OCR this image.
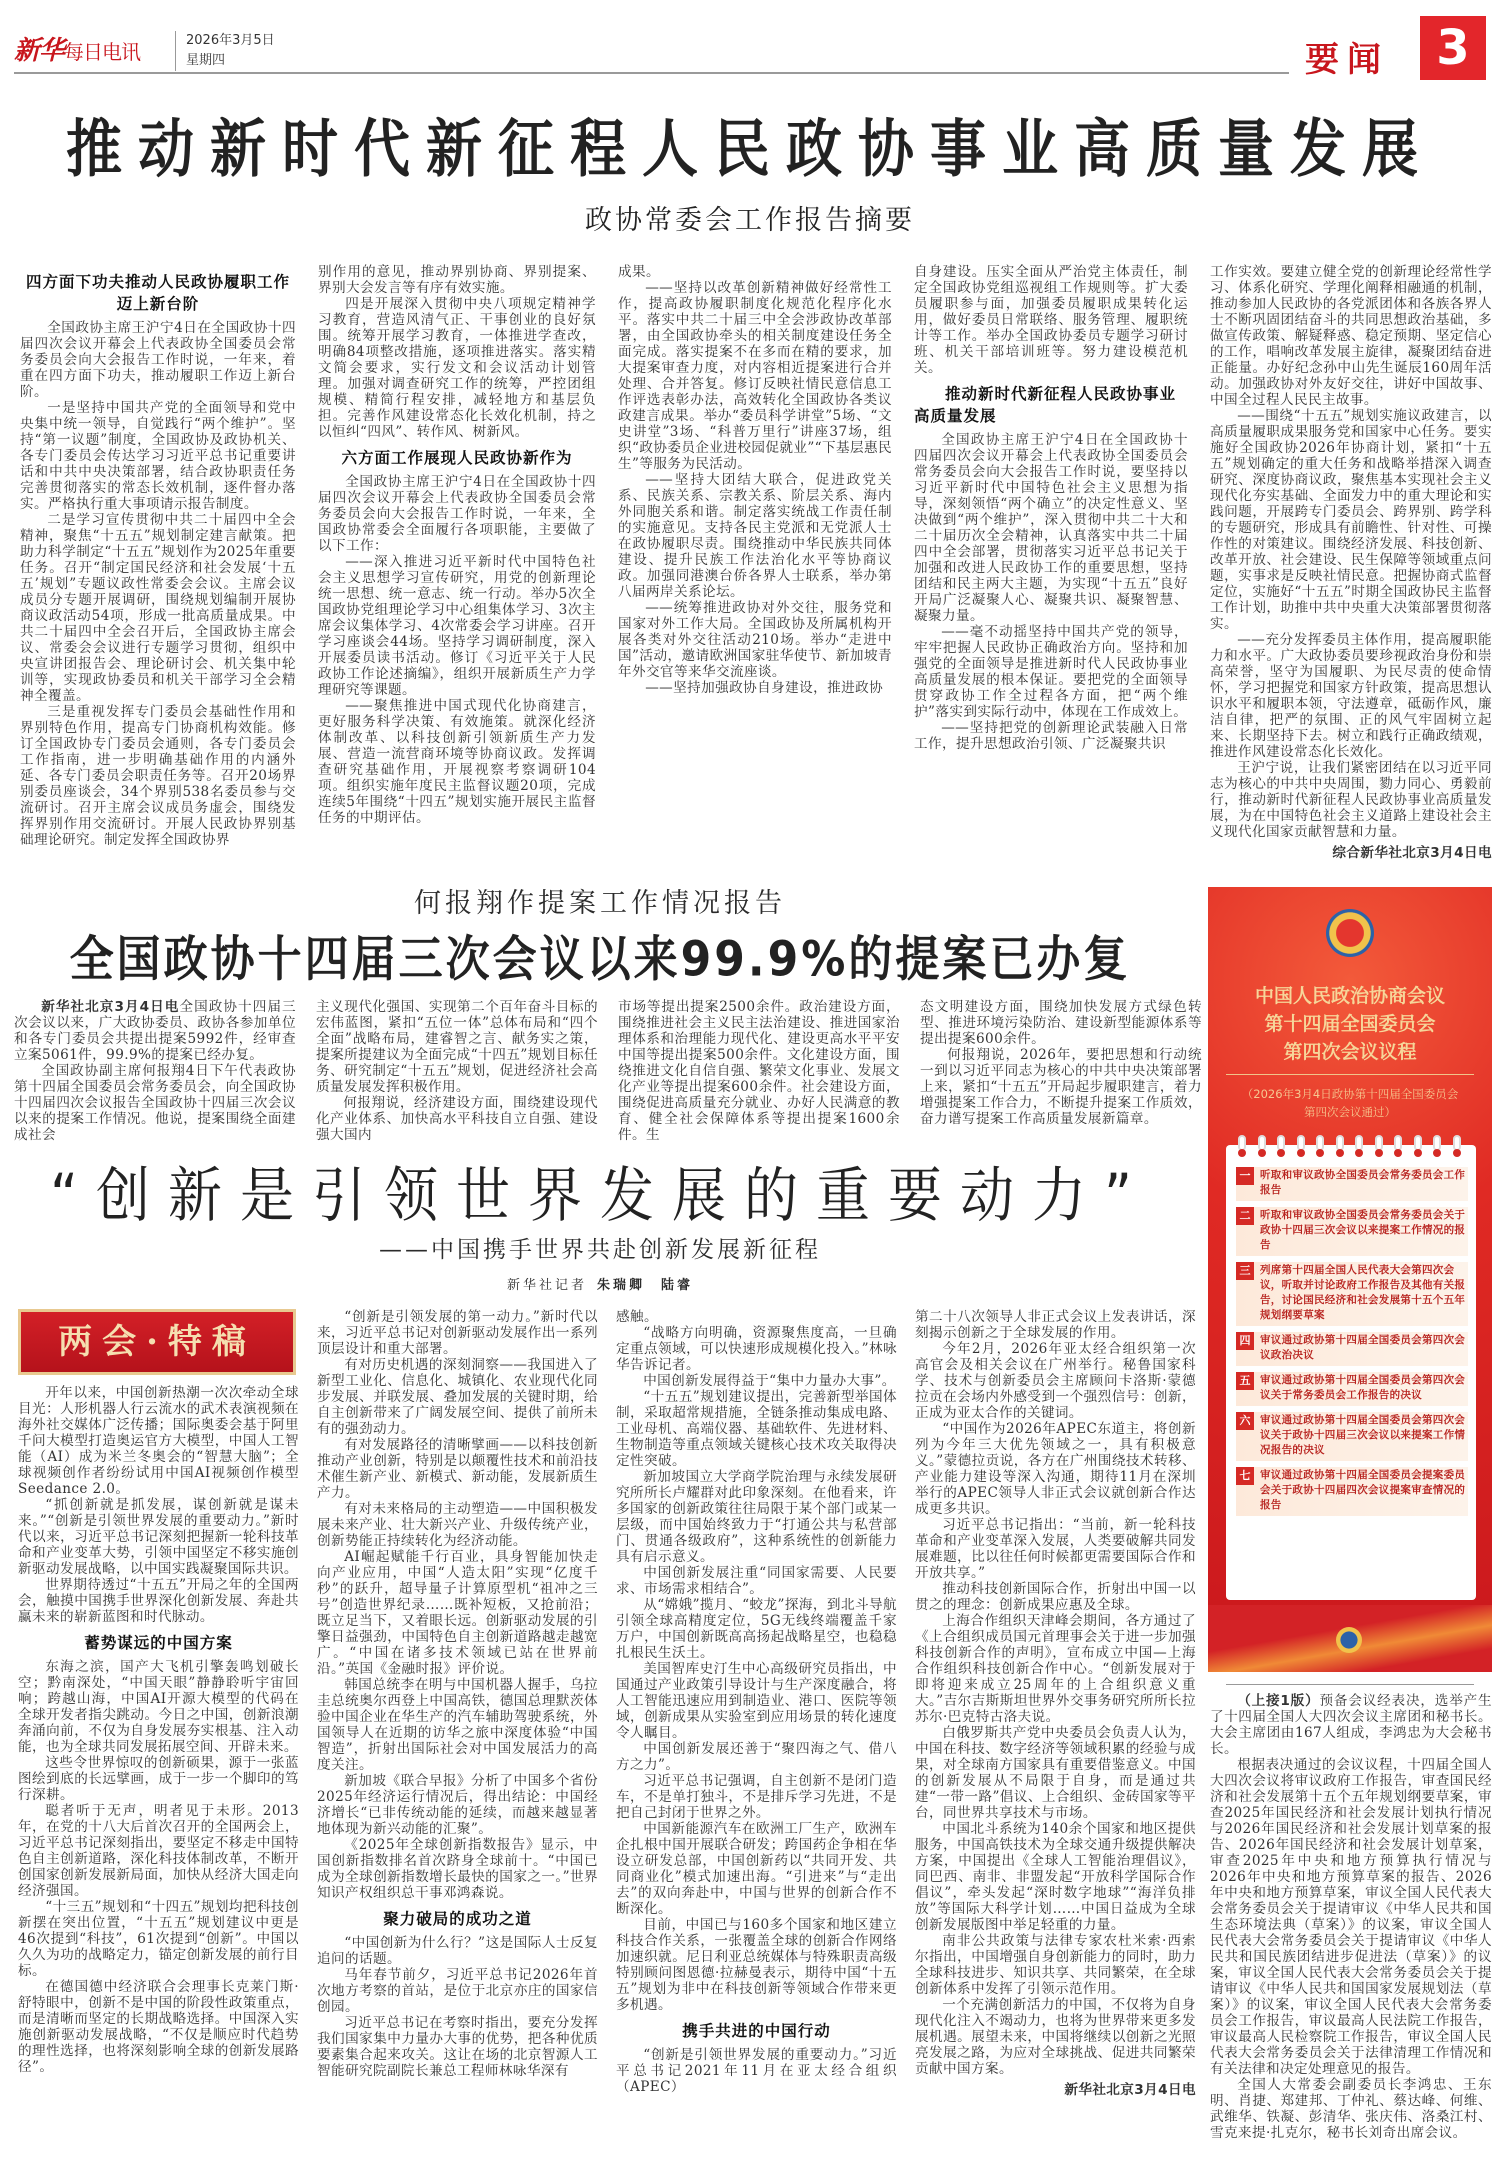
新华每日电讯	2026年3月5日
星期四	要闻 3
推动新时代新征程人民政协事业高质量发展
政协常委会工作报告摘要
四方面下功夫推动人民政协履职工作迈上新台阶

全国政协主席王沪宁4日在全国政协十四届四次会议开幕会上代表政协全国委员会常务委员会向大会报告工作时说，一年来，着重在四方面下功夫，推动履职工作迈上新台阶。

一是坚持中国共产党的全面领导和党中央集中统一领导，自觉践行“两个维护”。坚持“第一议题”制度，全国政协及政协机关、各专门委员会传达学习习近平总书记重要讲话和中共中央决策部署，结合政协职责任务完善贯彻落实的常态长效机制，逐件督办落实。严格执行重大事项请示报告制度。

二是学习宣传贯彻中共二十届四中全会精神，聚焦“十五五”规划制定建言献策。把助力科学制定“十五五”规划作为2025年重要任务。召开“制定国民经济和社会发展‘十五五’规划”专题议政性常委会会议。主席会议成员分专题开展调研，围绕规划编制开展协商议政活动54项，形成一批高质量成果。中共二十届四中全会召开后，全国政协主席会议、常委会会议进行专题学习贯彻，组织中央宣讲团报告会、理论研讨会、机关集中轮训等，实现政协委员和机关干部学习全会精神全覆盖。

三是重视发挥专门委员会基础性作用和界别特色作用，提高专门协商机构效能。修订全国政协专门委员会通则，各专门委员会工作指南，进一步明确基础作用的内涵外延、各专门委员会职责任务等。召开20场界别委员座谈会，34个界别538名委员参与交流研讨。召开主席会议成员务虚会，围绕发挥界别作用交流研讨。开展人民政协界别基础理论研究。制定发挥全国政协界

别作用的意见，推动界别协商、界别提案、界别大会发言等有序有效实施。

四是开展深入贯彻中央八项规定精神学习教育，营造风清气正、干事创业的良好氛围。统筹开展学习教育，一体推进学查改，明确84项整改措施，逐项推进落实。落实精文简会要求，实行发文和会议活动计划管理。加强对调查研究工作的统筹，严控团组规模、精简行程安排，减轻地方和基层负担。完善作风建设常态化长效化机制，持之以恒纠“四风”、转作风、树新风。

六方面工作展现人民政协新作为

全国政协主席王沪宁4日在全国政协十四届四次会议开幕会上代表政协全国委员会常务委员会向大会报告工作时说，一年来，全国政协常委会全面履行各项职能，主要做了以下工作：

——深入推进习近平新时代中国特色社会主义思想学习宣传研究，用党的创新理论统一思想、统一意志、统一行动。举办5次全国政协党组理论学习中心组集体学习、3次主席会议集体学习、4次常委会学习讲座。召开学习座谈会44场。坚持学习调研制度，深入开展委员读书活动。修订《习近平关于人民政协工作论述摘编》，组织开展新质生产力学理研究等课题。

——聚焦推进中国式现代化协商建言，更好服务科学决策、有效施策。就深化经济体制改革、以科技创新引领新质生产力发展、营造一流营商环境等协商议政。发挥调查研究基础作用，开展视察考察调研104项。组织实施年度民主监督议题20项，完成连续5年围绕“十四五”规划实施开展民主监督任务的中期评估。

成果。

——坚持以改革创新精神做好经常性工作，提高政协履职制度化规范化程序化水平。落实中共二十届三中全会涉政协改革部署，由全国政协牵头的相关制度建设任务全面完成。落实提案不在多而在精的要求，加大提案审查力度，对内容相近提案进行合并处理、合并答复。修订反映社情民意信息工作评选表彰办法，高效转化全国政协各类议政建言成果。举办“委员科学讲堂”5场、“文史讲堂”3场、“科普万里行”讲座37场，组织“政协委员企业进校园促就业”“下基层惠民生”等服务为民活动。

——坚持大团结大联合，促进政党关系、民族关系、宗教关系、阶层关系、海内外同胞关系和谐。制定落实统战工作责任制的实施意见。支持各民主党派和无党派人士在政协履职尽责。围绕推动中华民族共同体建设、提升民族工作法治化水平等协商议政。加强同港澳台侨各界人士联系，举办第八届两岸关系论坛。

——统筹推进政协对外交往，服务党和国家对外工作大局。全国政协及所属机构开展各类对外交往活动210场。举办“走进中国”活动，邀请欧洲国家驻华使节、新加坡青年外交官等来华交流座谈。

——坚持加强政协自身建设，推进政协

自身建设。压实全面从严治党主体责任，制定全国政协党组巡视组工作规则等。扩大委员履职参与面，加强委员履职成果转化运用，做好委员日常联络、服务管理、履职统计等工作。举办全国政协委员专题学习研讨班、机关干部培训班等。努力建设模范机关。

推动新时代新征程人民政协事业高质量发展

全国政协主席王沪宁4日在全国政协十四届四次会议开幕会上代表政协全国委员会常务委员会向大会报告工作时说，要坚持以习近平新时代中国特色社会主义思想为指导，深刻领悟“两个确立”的决定性意义、坚决做到“两个维护”，深入贯彻中共二十大和二十届历次全会精神，认真落实中共二十届四中全会部署，贯彻落实习近平总书记关于加强和改进人民政协工作的重要思想，坚持团结和民主两大主题，为实现“十五五”良好开局广泛凝聚人心、凝聚共识、凝聚智慧、凝聚力量。

——毫不动摇坚持中国共产党的领导，牢牢把握人民政协正确政治方向。坚持和加强党的全面领导是推进新时代人民政协事业高质量发展的根本保证。要把党的全面领导贯穿政协工作全过程各方面，把“两个维护”落实到实际行动中，体现在工作成效上。

——坚持把党的创新理论武装融入日常工作，提升思想政治引领、广泛凝聚共识

工作实效。要建立健全党的创新理论经常性学习、体系化研究、学理化阐释相融通的机制，推动参加人民政协的各党派团体和各族各界人士不断巩固团结奋斗的共同思想政治基础，多做宣传政策、解疑释惑、稳定预期、坚定信心的工作，唱响改革发展主旋律，凝聚团结奋进正能量。办好纪念孙中山先生诞辰160周年活动。加强政协对外友好交往，讲好中国故事、中国全过程人民民主故事。

——围绕“十五五”规划实施议政建言，以高质量履职成果服务党和国家中心任务。要实施好全国政协2026年协商计划，紧扣“十五五”规划确定的重大任务和战略举措深入调查研究、深度协商议政，聚焦基本实现社会主义现代化夯实基础、全面发力中的重大理论和实践问题，开展跨专门委员会、跨界别、跨学科的专题研究，形成具有前瞻性、针对性、可操作性的对策建议。围绕经济发展、科技创新、改革开放、社会建设、民生保障等领域重点问题，实事求是反映社情民意。把握协商式监督定位，实施好“十五五”时期全国政协民主监督工作计划，助推中共中央重大决策部署贯彻落实。

——充分发挥委员主体作用，提高履职能力和水平。广大政协委员要珍视政治身份和崇高荣誉，坚守为国履职、为民尽责的使命情怀，学习把握党和国家方针政策，提高思想认识水平和履职本领，守法遵章，砥砺作风，廉洁自律，把严的氛围、正的风气牢固树立起来、长期坚持下去。树立和践行正确政绩观，推进作风建设常态化长效化。

王沪宁说，让我们紧密团结在以习近平同志为核心的中共中央周围，勠力同心、勇毅前行，推动新时代新征程人民政协事业高质量发展，为在中国特色社会主义道路上建设社会主义现代化国家贡献智慧和力量。

综合新华社北京3月4日电

何报翔作提案工作情况报告
全国政协十四届三次会议以来99.9%的提案已办复

新华社北京3月4日电全国政协十四届三次会议以来，广大政协委员、政协各参加单位和各专门委员会共提出提案5992件，经审查立案5061件，99.9%的提案已经办复。

全国政协副主席何报翔4日下午代表政协第十四届全国委员会常务委员会，向全国政协十四届四次会议报告全国政协十四届三次会议以来的提案工作情况。他说，提案围绕全面建成社会

主义现代化强国、实现第二个百年奋斗目标的宏伟蓝图，紧扣“五位一体”总体布局和“四个全面”战略布局，建睿智之言、献务实之策，提案所提建议为全面完成“十四五”规划目标任务、研究制定“十五五”规划，促进经济社会高质量发展发挥积极作用。

何报翔说，经济建设方面，围绕建设现代化产业体系、加快高水平科技自立自强、建设强大国内

市场等提出提案2500余件。政治建设方面，围绕推进社会主义民主法治建设、推进国家治理体系和治理能力现代化、建设更高水平平安中国等提出提案500余件。文化建设方面，围绕推进文化自信自强、繁荣文化事业、发展文化产业等提出提案600余件。社会建设方面，围绕促进高质量充分就业、办好人民满意的教育、健全社会保障体系等提出提案1600余件。生

态文明建设方面，围绕加快发展方式绿色转型、推进环境污染防治、建设新型能源体系等提出提案600余件。

何报翔说，2026年，要把思想和行动统一到以习近平同志为核心的中共中央决策部署上来，紧扣“十五五”开局起步履职建言，着力增强提案工作合力，不断提升提案工作质效，奋力谱写提案工作高质量发展新篇章。

“创新是引领世界发展的重要动力”
——中国携手世界共赴创新发展新征程
新华社记者 朱瑞卿　陆睿
两会·特稿

开年以来，中国创新热潮一次次牵动全球目光：人形机器人行云流水的武术表演视频在海外社交媒体广泛传播；国际奥委会基于阿里千问大模型打造奥运官方大模型，中国人工智能（AI）成为米兰冬奥会的“智慧大脑”；全球视频创作者纷纷试用中国AI视频创作模型Seedance 2.0。

“抓创新就是抓发展，谋创新就是谋未来。”“创新是引领世界发展的重要动力。”新时代以来，习近平总书记深刻把握新一轮科技革命和产业变革大势，引领中国坚定不移实施创新驱动发展战略，以中国实践凝聚国际共识。

世界期待透过“十五五”开局之年的全国两会，触摸中国携手世界深化创新发展、奔赴共赢未来的崭新蓝图和时代脉动。

蓄势谋远的中国方案

东海之滨，国产大飞机引擎轰鸣划破长空；黔南深处，“中国天眼”静静聆听宇宙回响；跨越山海，中国AI开源大模型的代码在全球开发者指尖跳动。今日之中国，创新浪潮奔涌向前，不仅为自身发展夯实根基、注入动能，也为全球共同发展拓展空间、开辟未来。

这些令世界惊叹的创新硕果，源于一张蓝图绘到底的长远擘画，成于一步一个脚印的笃行深耕。

聪者听于无声，明者见于未形。2013年，在党的十八大后首次召开的全国两会上，习近平总书记深刻指出，要坚定不移走中国特色自主创新道路，深化科技体制改革，不断开创国家创新发展新局面，加快从经济大国走向经济强国。

“十三五”规划和“十四五”规划均把科技创新摆在突出位置，“十五五”规划建议中更是46次提到“科技”，61次提到“创新”。中国以久久为功的战略定力，锚定创新发展的前行目标。

在德国德中经济联合会理事长克莱门斯·舒特眼中，创新不是中国的阶段性政策重点，而是清晰而坚定的长期战略选择。中国深入实施创新驱动发展战略，“不仅是顺应时代趋势的理性选择，也将深刻影响全球的创新发展路径”。

“创新是引领发展的第一动力。”新时代以来，习近平总书记对创新驱动发展作出一系列顶层设计和重大部署。

有对历史机遇的深刻洞察——我国进入了新型工业化、信息化、城镇化、农业现代化同步发展、并联发展、叠加发展的关键时期，给自主创新带来了广阔发展空间、提供了前所未有的强劲动力。

有对发展路径的清晰擘画——以科技创新推动产业创新，特别是以颠覆性技术和前沿技术催生新产业、新模式、新动能，发展新质生产力。

有对未来格局的主动塑造——中国积极发展未来产业、壮大新兴产业、升级传统产业，创新势能正持续转化为经济动能。

AI崛起赋能千行百业，具身智能加快走向产业应用，中国“人造太阳”实现“亿度千秒”的跃升，超导量子计算原型机“祖冲之三号”创造世界纪录……既补短板，又抢前沿；既立足当下，又着眼长远。创新驱动发展的引擎日益强劲，中国特色自主创新道路越走越宽广。“中国在诸多技术领域已站在世界前沿。”英国《金融时报》评价说。

韩国总统李在明与中国机器人握手，乌拉圭总统奥尔西登上中国高铁，德国总理默茨体验中国企业在华生产的汽车辅助驾驶系统，外国领导人在近期的访华之旅中深度体验“中国智造”，折射出国际社会对中国发展活力的高度关注。

新加坡《联合早报》分析了中国多个省份2025年经济运行情况后，得出结论：中国经济增长“已非传统动能的延续，而越来越显著地体现为新兴动能的汇聚”。

《2025年全球创新指数报告》显示，中国创新指数排名首次跻身全球前十。“中国已成为全球创新指数增长最快的国家之一。”世界知识产权组织总干事邓鸿森说。

聚力破局的成功之道

“中国创新为什么行？”这是国际人士反复追问的话题。

马年春节前夕，习近平总书记2026年首次地方考察的首站，是位于北京亦庄的国家信创园。

习近平总书记在考察时指出，要充分发挥我们国家集中力量办大事的优势，把各种优质要素集合起来攻关。这让在场的北京智源人工智能研究院副院长兼总工程师林咏华深有

感触。

“战略方向明确，资源聚焦度高，一旦确定重点领域，可以快速形成规模化投入。”林咏华告诉记者。

中国创新发展得益于“集中力量办大事”。

“十五五”规划建议提出，完善新型举国体制，采取超常规措施，全链条推动集成电路、工业母机、高端仪器、基础软件、先进材料、生物制造等重点领域关键核心技术攻关取得决定性突破。

新加坡国立大学商学院治理与永续发展研究所所长卢耀群对此印象深刻。在他看来，许多国家的创新政策往往局限于某个部门或某一层级，而中国始终致力于“打通公共与私营部门、贯通各级政府”，这种系统性的创新能力具有启示意义。

中国创新发展注重“同国家需要、人民要求、市场需求相结合”。

从“嫦娥”揽月、“蛟龙”探海，到北斗导航引领全球高精度定位，5G无线终端覆盖千家万户，中国创新既高高扬起战略星空，也稳稳扎根民生沃土。

美国智库史汀生中心高级研究员指出，中国通过产业政策引导设计与生产深度融合，将人工智能迅速应用到制造业、港口、医院等领域，创新成果从实验室到应用场景的转化速度令人瞩目。

中国创新发展还善于“聚四海之气、借八方之力”。

习近平总书记强调，自主创新不是闭门造车，不是单打独斗，不是排斥学习先进，不是把自己封闭于世界之外。

中国新能源汽车在欧洲工厂生产，欧洲车企扎根中国开展联合研发；跨国药企争相在华设立研发总部，中国创新药以“共同开发、共同商业化”模式加速出海。“引进来”与“走出去”的双向奔赴中，中国与世界的创新合作不断深化。

目前，中国已与160多个国家和地区建立科技合作关系，一张覆盖全球的创新合作网络加速织就。尼日利亚总统媒体与特殊职责高级特别顾问图恩德·拉赫曼表示，期待中国“十五五”规划为非中在科技创新等领域合作带来更多机遇。

携手共进的中国行动

“创新是引领世界发展的重要动力。”习近平总书记2021年11月在亚太经合组织（APEC）

第二十八次领导人非正式会议上发表讲话，深刻揭示创新之于全球发展的作用。

今年2月，2026年亚太经合组织第一次高官会及相关会议在广州举行。秘鲁国家科学、技术与创新委员会主席顾问卡洛斯·蒙德拉贡在会场内外感受到一个强烈信号：创新，正成为亚太合作的关键词。

“中国作为2026年APEC东道主，将创新列为今年三大优先领域之一，具有积极意义。”蒙德拉贡说，各方在广州围绕技术转移、产业能力建设等深入沟通，期待11月在深圳举行的APEC领导人非正式会议就创新合作达成更多共识。

习近平总书记指出：“当前，新一轮科技革命和产业变革深入发展，人类要破解共同发展难题，比以往任何时候都更需要国际合作和开放共享。”

推动科技创新国际合作，折射出中国一以贯之的理念：创新成果应惠及全球。

上海合作组织天津峰会期间，各方通过了《上合组织成员国元首理事会关于进一步加强科技创新合作的声明》，宣布成立中国—上海合作组织科技创新合作中心。“创新发展对于即将迎来成立25周年的上合组织意义重大。”吉尔吉斯斯坦世界外交事务研究所所长拉苏尔·巴克特古洛夫说。

白俄罗斯共产党中央委员会负责人认为，中国在科技、数字经济等领域积累的经验与成果，对全球南方国家具有重要借鉴意义。中国的创新发展从不局限于自身，而是通过共建“一带一路”倡议、上合组织、金砖国家等平台，同世界共享技术与市场。

中国北斗系统为140余个国家和地区提供服务，中国高铁技术为全球交通升级提供解决方案，中国提出《全球人工智能治理倡议》，同巴西、南非、非盟发起“开放科学国际合作倡议”，牵头发起“深时数字地球”“海洋负排放”等国际大科学计划……中国日益成为全球创新发展版图中举足轻重的力量。

南非公共政策与法律专家农杜米索·西索尔指出，中国增强自身创新能力的同时，助力全球科技进步、知识共享、共同繁荣，在全球创新体系中发挥了引领示范作用。

一个充满创新活力的中国，不仅将为自身现代化注入不竭动力，也将为世界带来更多发展机遇。展望未来，中国将继续以创新之光照亮发展之路，为应对全球挑战、促进共同繁荣贡献中国方案。

新华社北京3月4日电

中国人民政治协商会议
第十四届全国委员会
第四次会议议程
（2026年3月4日政协第十四届全国委员会
第四次会议通过）
一 听取和审议政协全国委员会常务委员会工作报告
二 听取和审议政协全国委员会常务委员会关于政协十四届三次会议以来提案工作情况的报告
三 列席第十四届全国人民代表大会第四次会议，听取并讨论政府工作报告及其他有关报告，讨论国民经济和社会发展第十五个五年规划纲要草案
四 审议通过政协第十四届全国委员会第四次会议政治决议
五 审议通过政协第十四届全国委员会第四次会议关于常务委员会工作报告的决议
六 审议通过政协第十四届全国委员会第四次会议关于政协十四届三次会议以来提案工作情况报告的决议
七 审议通过政协第十四届全国委员会提案委员会关于政协十四届四次会议提案审查情况的报告

（上接1版）预备会议经表决，选举产生了十四届全国人大四次会议主席团和秘书长。大会主席团由167人组成，李鸿忠为大会秘书长。

根据表决通过的会议议程，十四届全国人大四次会议将审议政府工作报告，审查国民经济和社会发展第十五个五年规划纲要草案，审查2025年国民经济和社会发展计划执行情况与2026年国民经济和社会发展计划草案的报告、2026年国民经济和社会发展计划草案，审查2025年中央和地方预算执行情况与2026年中央和地方预算草案的报告、2026年中央和地方预算草案，审议全国人民代表大会常务委员会关于提请审议《中华人民共和国生态环境法典（草案）》的议案，审议全国人民代表大会常务委员会关于提请审议《中华人民共和国民族团结进步促进法（草案）》的议案，审议全国人民代表大会常务委员会关于提请审议《中华人民共和国国家发展规划法（草案）》的议案，审议全国人民代表大会常务委员会工作报告，审议最高人民法院工作报告，审议最高人民检察院工作报告，审议全国人民代表大会常务委员会关于法律清理工作情况和有关法律和决定处理意见的报告。

全国人大常委会副委员长李鸿忠、王东明、肖捷、郑建邦、丁仲礼、蔡达峰、何维、武维华、铁凝、彭清华、张庆伟、洛桑江村、雪克来提·扎克尔，秘书长刘奇出席会议。
